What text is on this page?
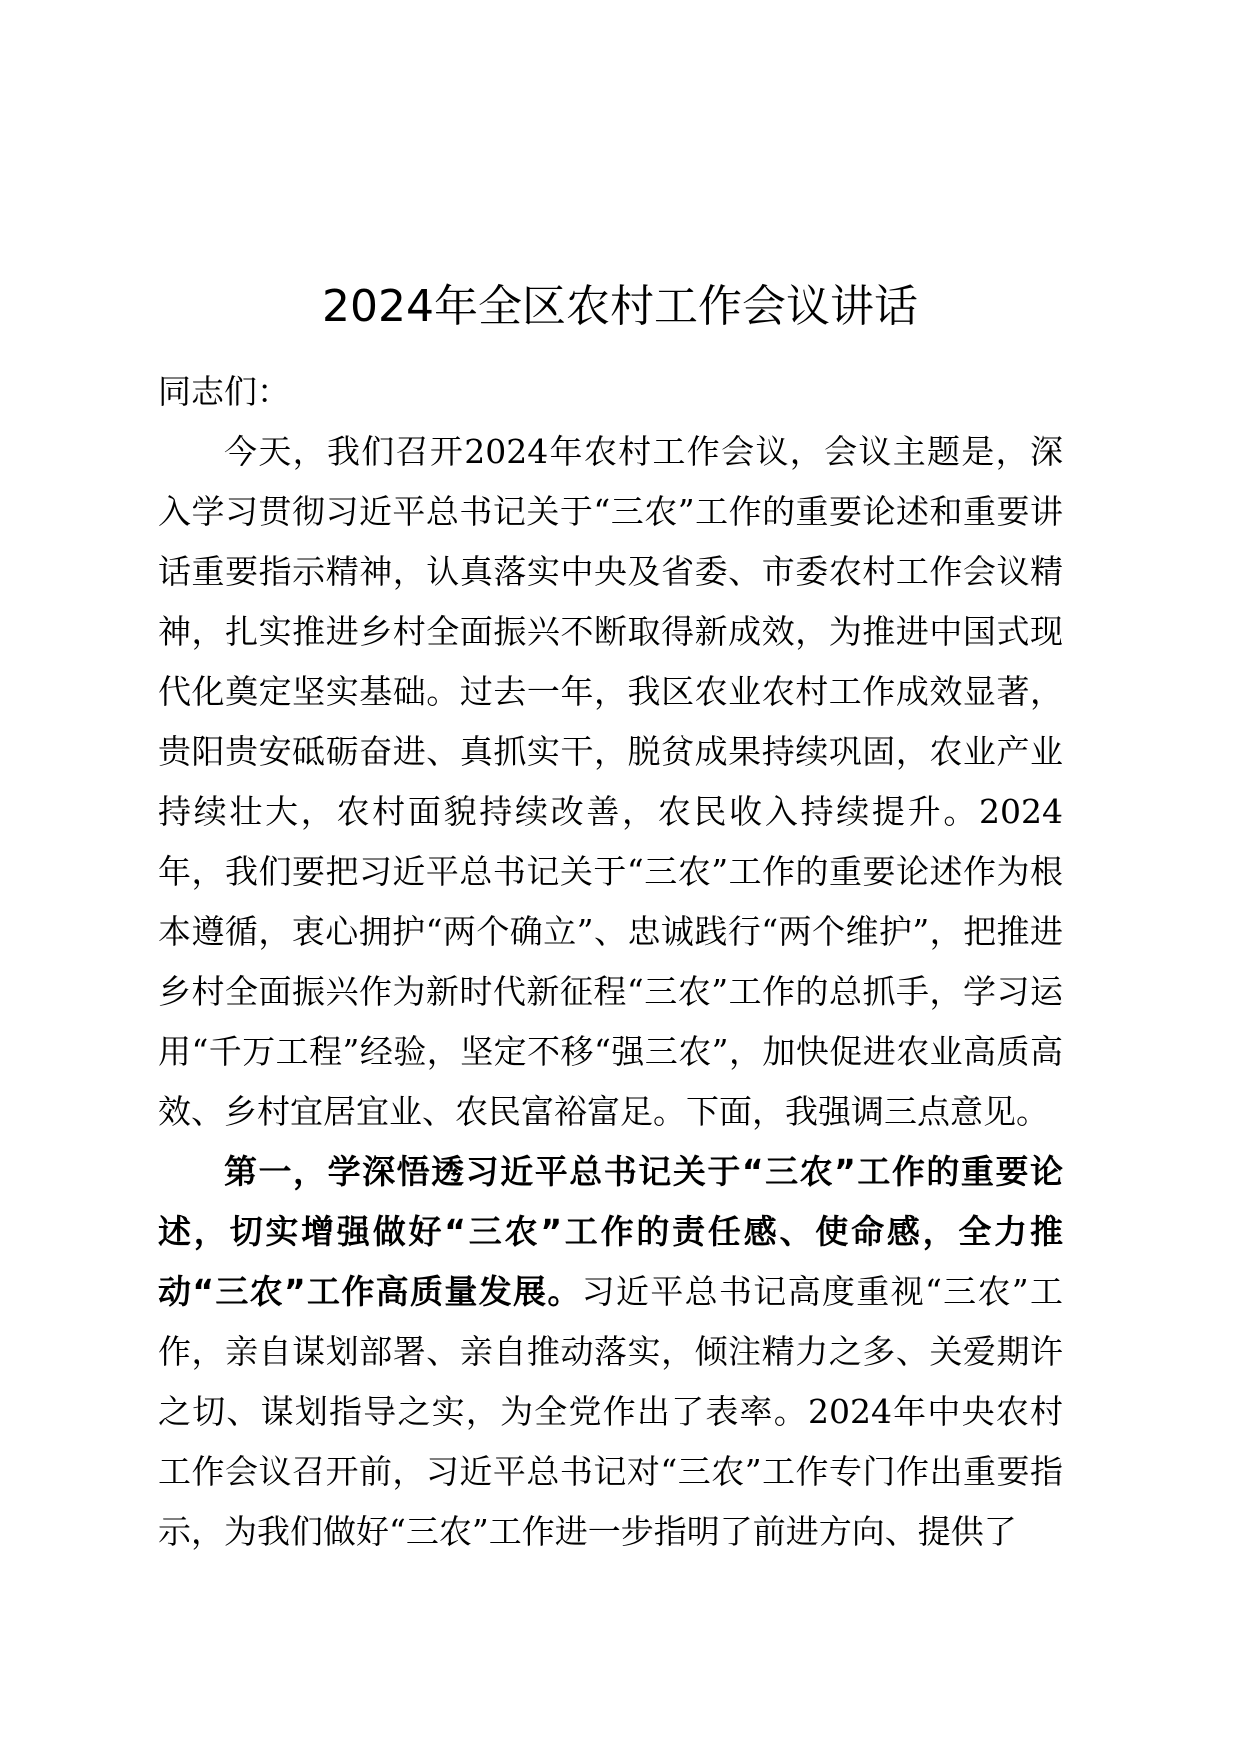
2024年全区农村工作会议讲话

同志们：

今天，我们召开2024年农村工作会议，会议主题是，深入学习贯彻习近平总书记关于“三农”工作的重要论述和重要讲话重要指示精神，认真落实中央及省委、市委农村工作会议精神，扎实推进乡村全面振兴不断取得新成效，为推进中国式现代化奠定坚实基础。过去一年，我区农业农村工作成效显著，贵阳贵安砥砺奋进、真抓实干，脱贫成果持续巩固，农业产业持续壮大，农村面貌持续改善，农民收入持续提升。2024年，我们要把习近平总书记关于“三农”工作的重要论述作为根本遵循，衷心拥护“两个确立”、忠诚践行“两个维护”，把推进乡村全面振兴作为新时代新征程“三农”工作的总抓手，学习运用“千万工程”经验，坚定不移“强三农”，加快促进农业高质高效、乡村宜居宜业、农民富裕富足。下面，我强调三点意见。

第一，学深悟透习近平总书记关于“三农”工作的重要论述，切实增强做好“三农”工作的责任感、使命感，全力推动“三农”工作高质量发展。习近平总书记高度重视“三农”工作，亲自谋划部署、亲自推动落实，倾注精力之多、关爱期许之切、谋划指导之实，为全党作出了表率。2024年中央农村工作会议召开前，习近平总书记对“三农”工作专门作出重要指示，为我们做好“三农”工作进一步指明了前进方向、提供了
